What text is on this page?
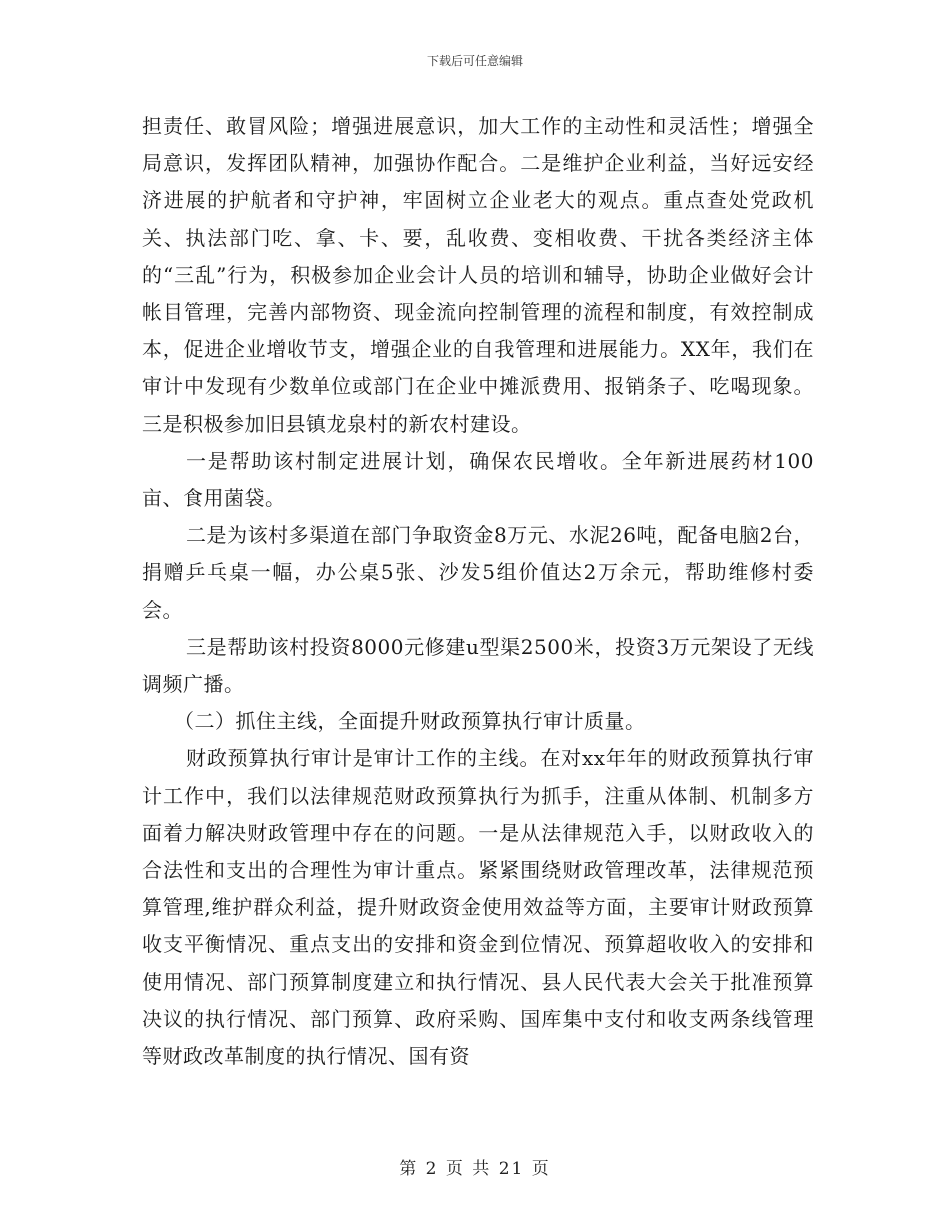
下载后可任意编辑

担责任、敢冒风险；增强进展意识，加大工作的主动性和灵活性；增强全局意识，发挥团队精神，加强协作配合。二是维护企业利益，当好远安经济进展的护航者和守护神，牢固树立企业老大的观点。重点查处党政机关、执法部门吃、拿、卡、要，乱收费、变相收费、干扰各类经济主体的“三乱”行为，积极参加企业会计人员的培训和辅导，协助企业做好会计帐目管理，完善内部物资、现金流向控制管理的流程和制度，有效控制成本，促进企业增收节支，增强企业的自我管理和进展能力。XX年，我们在审计中发现有少数单位或部门在企业中摊派费用、报销条子、吃喝现象。三是积极参加旧县镇龙泉村的新农村建设。

一是帮助该村制定进展计划，确保农民增收。全年新进展药材100亩、食用菌袋。

二是为该村多渠道在部门争取资金8万元、水泥26吨，配备电脑2台，捐赠乒乓桌一幅，办公桌5张、沙发5组价值达2万余元，帮助维修村委会。

三是帮助该村投资8000元修建u型渠2500米，投资3万元架设了无线调频广播。

（二）抓住主线，全面提升财政预算执行审计质量。

财政预算执行审计是审计工作的主线。在对xx年年的财政预算执行审计工作中，我们以法律规范财政预算执行为抓手，注重从体制、机制多方面着力解决财政管理中存在的问题。一是从法律规范入手，以财政收入的合法性和支出的合理性为审计重点。紧紧围绕财政管理改革，法律规范预算管理,维护群众利益，提升财政资金使用效益等方面，主要审计财政预算收支平衡情况、重点支出的安排和资金到位情况、预算超收收入的安排和使用情况、部门预算制度建立和执行情况、县人民代表大会关于批准预算决议的执行情况、部门预算、政府采购、国库集中支付和收支两条线管理等财政改革制度的执行情况、国有资

第 2 页 共 21 页
